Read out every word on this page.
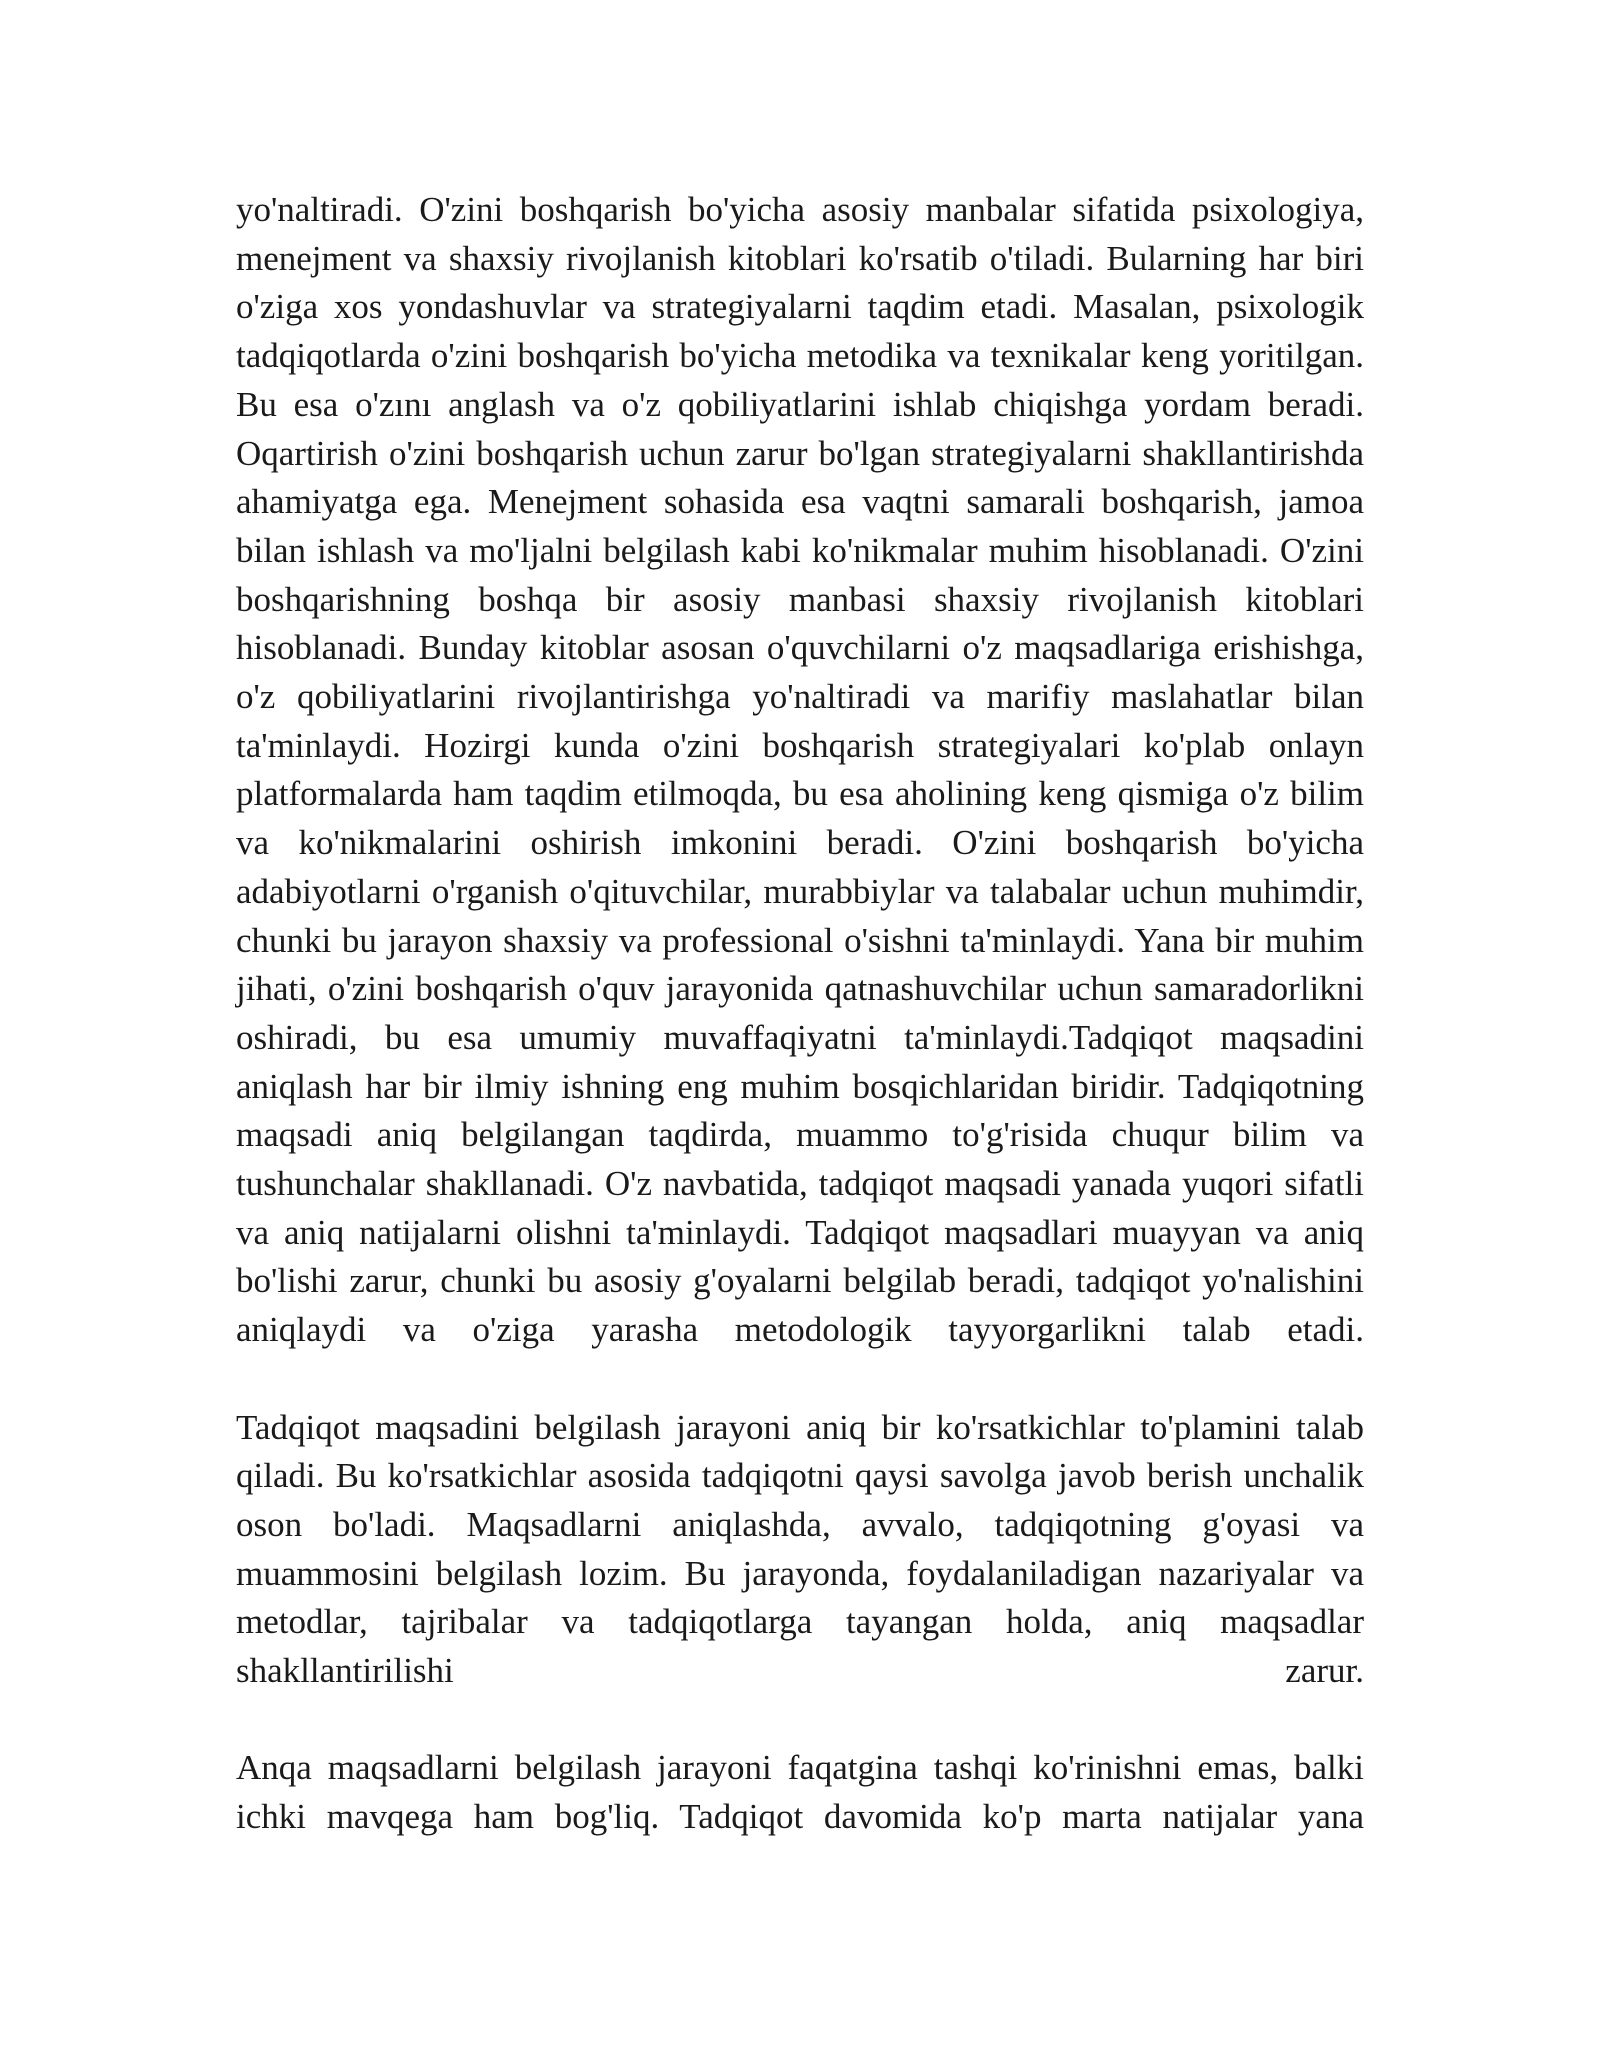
yo'naltiradi. O'zini boshqarish bo'yicha asosiy manbalar sifatida psixologiya, menejment va shaxsiy rivojlanish kitoblari ko'rsatib o'tiladi. Bularning har biri o'ziga xos yondashuvlar va strategiyalarni taqdim etadi. Masalan, psixologik tadqiqotlarda o'zini boshqarish bo'yicha metodika va texnikalar keng yoritilgan. Bu esa o'zını anglash va o'z qobiliyatlarini ishlab chiqishga yordam beradi. Oqartirish o'zini boshqarish uchun zarur bo'lgan strategiyalarni shakllantirishda ahamiyatga ega. Menejment sohasida esa vaqtni samarali boshqarish, jamoa bilan ishlash va mo'ljalni belgilash kabi ko'nikmalar muhim hisoblanadi. O'zini boshqarishning boshqa bir asosiy manbasi shaxsiy rivojlanish kitoblari hisoblanadi. Bunday kitoblar asosan o'quvchilarni o'z maqsadlariga erishishga, o'z qobiliyatlarini rivojlantirishga yo'naltiradi va marifiy maslahatlar bilan ta'minlaydi. Hozirgi kunda o'zini boshqarish strategiyalari ko'plab onlayn platformalarda ham taqdim etilmoqda, bu esa aholining keng qismiga o'z bilim va ko'nikmalarini oshirish imkonini beradi. O'zini boshqarish bo'yicha adabiyotlarni o'rganish o'qituvchilar, murabbiylar va talabalar uchun muhimdir, chunki bu jarayon shaxsiy va professional o'sishni ta'minlaydi. Yana bir muhim jihati, o'zini boshqarish o'quv jarayonida qatnashuvchilar uchun samaradorlikni oshiradi, bu esa umumiy muvaffaqiyatni ta'minlaydi.Tadqiqot maqsadini aniqlash har bir ilmiy ishning eng muhim bosqichlaridan biridir. Tadqiqotning maqsadi aniq belgilangan taqdirda, muammo to'g'risida chuqur bilim va tushunchalar shakllanadi. O'z navbatida, tadqiqot maqsadi yanada yuqori sifatli va aniq natijalarni olishni ta'minlaydi. Tadqiqot maqsadlari muayyan va aniq bo'lishi zarur, chunki bu asosiy g'oyalarni belgilab beradi, tadqiqot yo'nalishini aniqlaydi va o'ziga yarasha metodologik tayyorgarlikni talab etadi.

Tadqiqot maqsadini belgilash jarayoni aniq bir ko'rsatkichlar to'plamini talab qiladi. Bu ko'rsatkichlar asosida tadqiqotni qaysi savolga javob berish unchalik oson bo'ladi. Maqsadlarni aniqlashda, avvalo, tadqiqotning g'oyasi va muammosini belgilash lozim. Bu jarayonda, foydalaniladigan nazariyalar va metodlar, tajribalar va tadqiqotlarga tayangan holda, aniq maqsadlar shakllantirilishi zarur.

Anqa maqsadlarni belgilash jarayoni faqatgina tashqi ko'rinishni emas, balki ichki mavqega ham bog'liq. Tadqiqot davomida ko'p marta natijalar yana
